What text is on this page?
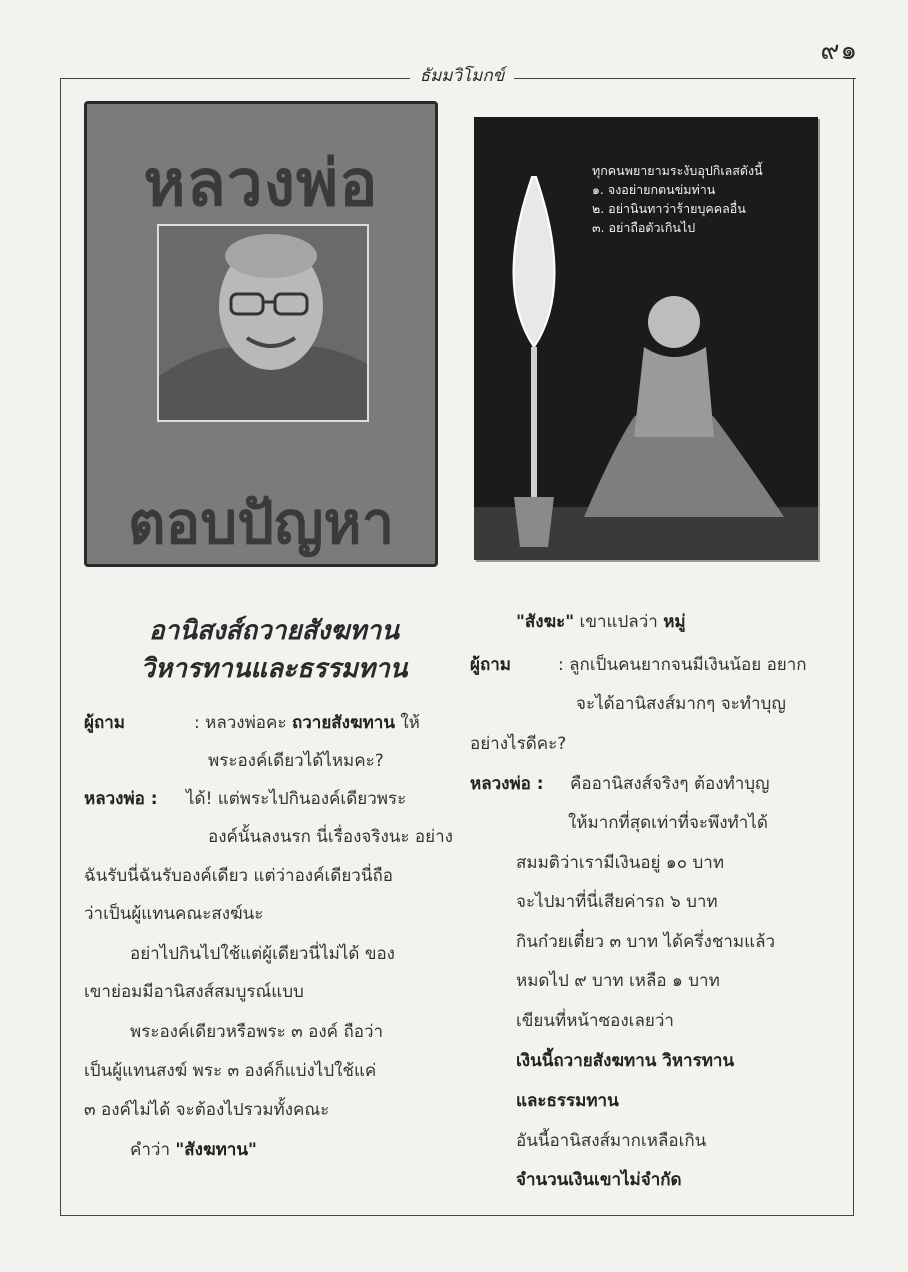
๙๑
ธัมมวิโมกข์
หลวงพ่อ
ตอบปัญหา
ทุกคนพยายามระงับอุปกิเลสดังนี้
๑. จงอย่ายกตนข่มท่าน
๒. อย่านินทาว่าร้ายบุคคลอื่น
๓. อย่าถือตัวเกินไป
อานิสงส์ถวายสังฆทาน
วิหารทานและธรรมทาน
ผู้ถาม	: หลวงพ่อคะ ถวายสังฆทาน ให้
พระองค์เดียวได้ไหมคะ?
หลวงพ่อ : ได้! แต่พระไปกินองค์เดียวพระ
องค์นั้นลงนรก นี่เรื่องจริงนะ อย่าง
ฉันรับนี่ฉันรับองค์เดียว แต่ว่าองค์เดียวนี่ถือ
ว่าเป็นผู้แทนคณะสงฆ์นะ
อย่าไปกินไปใช้แต่ผู้เดียวนี่ไม่ได้ ของ
เขาย่อมมีอานิสงส์สมบูรณ์แบบ
พระองค์เดียวหรือพระ ๓ องค์ ถือว่า
เป็นผู้แทนสงฆ์ พระ ๓ องค์ก็แบ่งไปใช้แค่
๓ องค์ไม่ได้ จะต้องไปรวมทั้งคณะ
คำว่า "สังฆทาน"
"สังฆะ" เขาแปลว่า หมู่
ผู้ถาม	: ลูกเป็นคนยากจนมีเงินน้อย อยาก
จะได้อานิสงส์มากๆ จะทำบุญ
อย่างไรดีคะ?
หลวงพ่อ : คืออานิสงส์จริงๆ ต้องทำบุญ
ให้มากที่สุดเท่าที่จะพึงทำได้
สมมติว่าเรามีเงินอยู่ ๑๐ บาท
จะไปมาที่นี่เสียค่ารถ ๖ บาท
กินก๋วยเตี๋ยว ๓ บาท ได้ครึ่งชามแล้ว
หมดไป ๙ บาท เหลือ ๑ บาท
เขียนที่หน้าซองเลยว่า
เงินนี้ถวายสังฆทาน วิหารทาน
และธรรมทาน
อันนี้อานิสงส์มากเหลือเกิน
จำนวนเงินเขาไม่จำกัด
